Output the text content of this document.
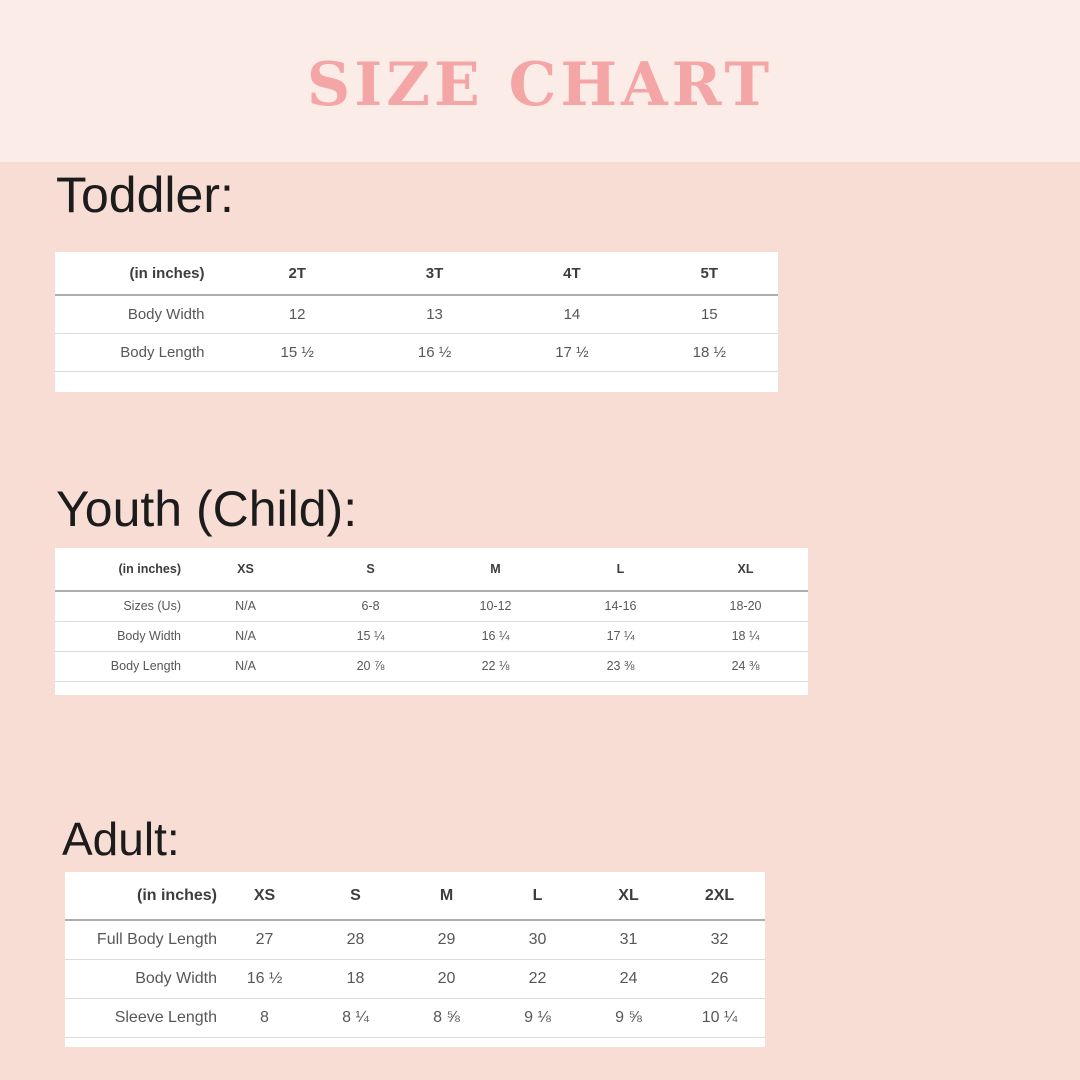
SIZE CHART
Toddler:
(in inches)	2T	3T	4T	5T
Body Width	12	13	14	15
Body Length	15 ½	16 ½	17 ½	18 ½
Youth (Child):
(in inches)	XS	S	M	L	XL
Sizes (Us)	N/A	6-8	10-12	14-16	18-20
Body Width	N/A	15 ¼	16 ¼	17 ¼	18 ¼
Body Length	N/A	20 ⅞	22 ⅛	23 ⅜	24 ⅜
Adult:
(in inches)	XS	S	M	L	XL	2XL
Full Body Length	27	28	29	30	31	32
Body Width	16 ½	18	20	22	24	26
Sleeve Length	8	8 ¼	8 ⅝	9 ⅛	9 ⅝	10 ¼
